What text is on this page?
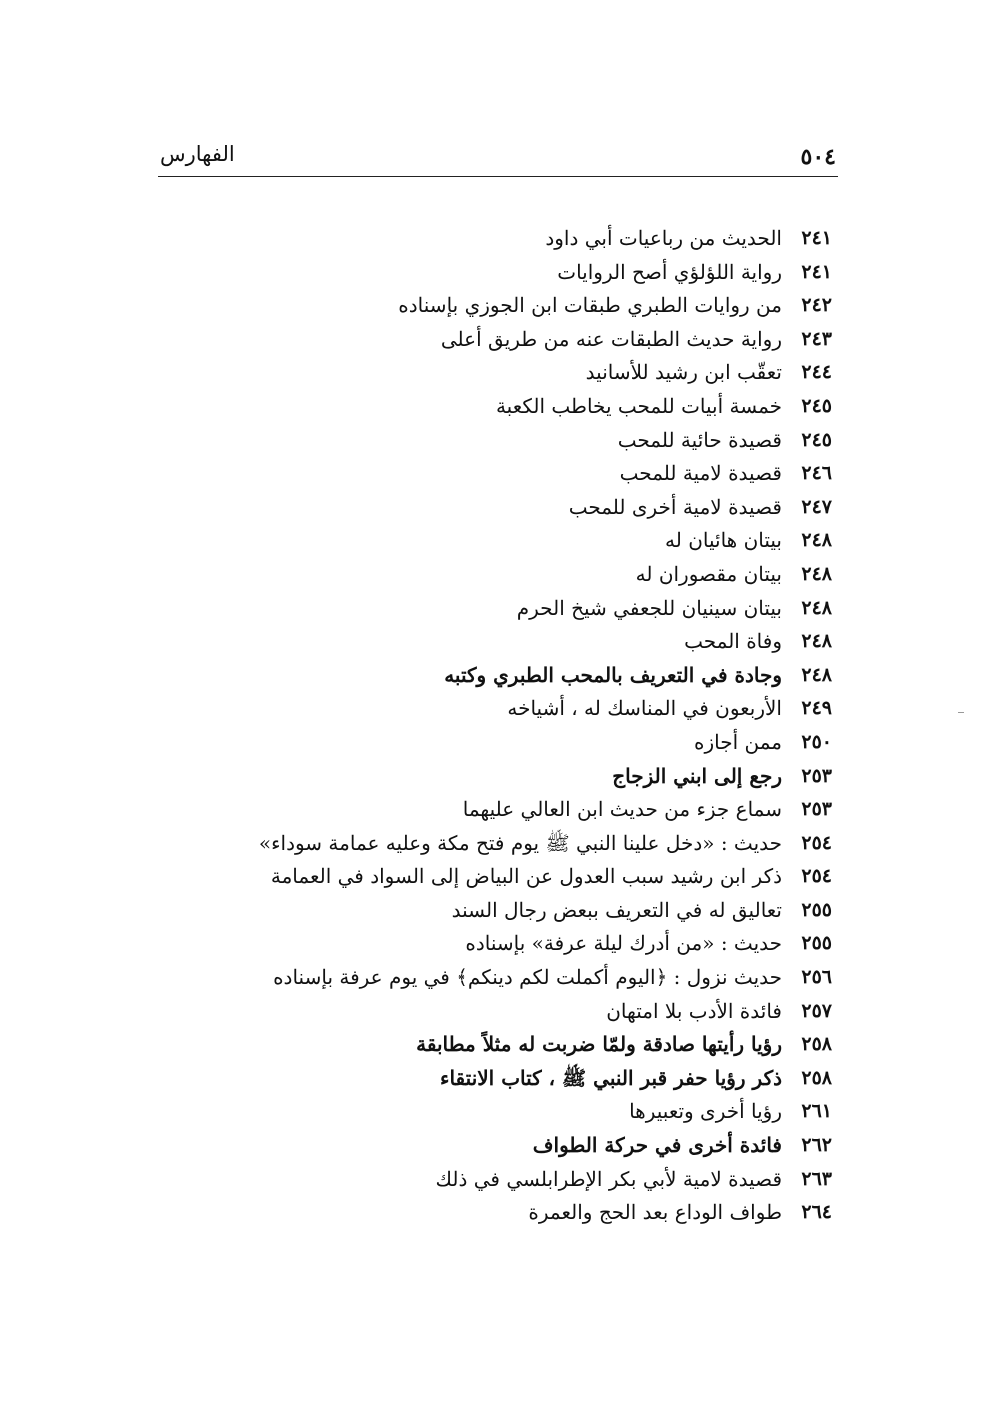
٥٠٤
الفهارس
٢٤١
الحديث من رباعيات أبي داود
٢٤١
رواية اللؤلؤي أصح الروايات
٢٤٢
من روايات الطبري طبقات ابن الجوزي بإسناده
٢٤٣
رواية حديث الطبقات عنه من طريق أعلى
٢٤٤
تعقّب ابن رشيد للأسانيد
٢٤٥
خمسة أبيات للمحب يخاطب الكعبة
٢٤٥
قصيدة حائية للمحب
٢٤٦
قصيدة لامية للمحب
٢٤٧
قصيدة لامية أخرى للمحب
٢٤٨
بيتان هائيان له
٢٤٨
بيتان مقصوران له
٢٤٨
بيتان سينيان للجعفي شيخ الحرم
٢٤٨
وفاة المحب
٢٤٨
وجادة في التعريف بالمحب الطبري وكتبه
٢٤٩
الأربعون في المناسك له ، أشياخه
٢٥٠
ممن أجازه
٢٥٣
رجع إلى ابني الزجاج
٢٥٣
سماع جزء من حديث ابن العالي عليهما
٢٥٤
حديث : «دخل علينا النبي ﷺ يوم فتح مكة وعليه عمامة سوداء»
٢٥٤
ذكر ابن رشيد سبب العدول عن البياض إلى السواد في العمامة
٢٥٥
تعاليق له في التعريف ببعض رجال السند
٢٥٥
حديث : «من أدرك ليلة عرفة» بإسناده
٢٥٦
حديث نزول : ﴿اليوم أكملت لكم دينكم﴾ في يوم عرفة بإسناده
٢٥٧
فائدة الأدب بلا امتهان
٢٥٨
رؤيا رأيتها صادقة ولمّا ضربت له مثلاً مطابقة
٢٥٨
ذكر رؤيا حفر قبر النبي ﷺ ، كتاب الانتقاء
٢٦١
رؤيا أخرى وتعبيرها
٢٦٢
فائدة أخرى في حركة الطواف
٢٦٣
قصيدة لامية لأبي بكر الإطرابلسي في ذلك
٢٦٤
طواف الوداع بعد الحج والعمرة
